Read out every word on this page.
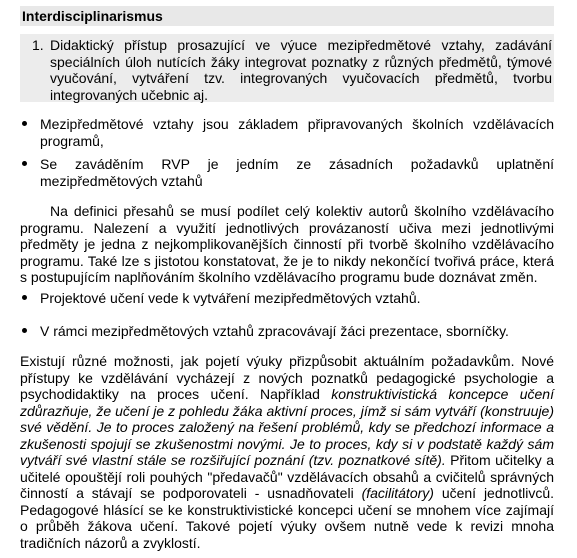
Interdisciplinarismus
1. Didaktický přístup prosazující ve výuce mezipředmětové vztahy, zadávání speciálních úloh nutících žáky integrovat poznatky z různých předmětů, týmové vyučování, vytváření tzv. integrovaných vyučovacích předmětů, tvorbu integrovaných učebnic aj.
Mezipředmětové vztahy jsou základem připravovaných školních vzdělávacích programů,
Se zaváděním RVP je jedním ze zásadních požadavků uplatnění mezipředmětových vztahů
Na definici přesahů se musí podílet celý kolektiv autorů školního vzdělávacího programu. Nalezení a využití jednotlivých provázaností učiva mezi jednotlivými předměty je jedna z nejkomplikovanějších činností při tvorbě školního vzdělávacího programu. Také lze s jistotou konstatovat, že je to nikdy nekončící tvořivá práce, která s postupujícím naplňováním školního vzdělávacího programu bude doznávat změn.
Projektové učení vede k vytváření mezipředmětových vztahů.
V rámci mezipředmětových vztahů zpracovávají žáci prezentace, sborníčky.
Existují různé možnosti, jak pojetí výuky přizpůsobit aktuálním požadavkům. Nové přístupy ke vzdělávání vycházejí z nových poznatků pedagogické psychologie a psychodidaktiky na proces učení. Například konstruktivistická koncepce učení zdůrazňuje, že učení je z pohledu žáka aktivní proces, jímž si sám vytváří (konstruuje) své vědění. Je to proces založený na řešení problémů, kdy se předchozí informace a zkušenosti spojují se zkušenostmi novými. Je to proces, kdy si v podstatě každý sám vytváří své vlastní stále se rozšiřující poznání (tzv. poznatkové sítě). Přitom učitelky a učitelé opouštějí roli pouhých "předavačů" vzdělávacích obsahů a cvičitelů správných činností a stávají se podporovateli - usnadňovateli (facilitátory) učení jednotlivců. Pedagogové hlásící se ke konstruktivistické koncepci učení se mnohem více zajímají o průběh žákova učení. Takové pojetí výuky ovšem nutně vede k revizi mnoha tradičních názorů a zvyklostí.
